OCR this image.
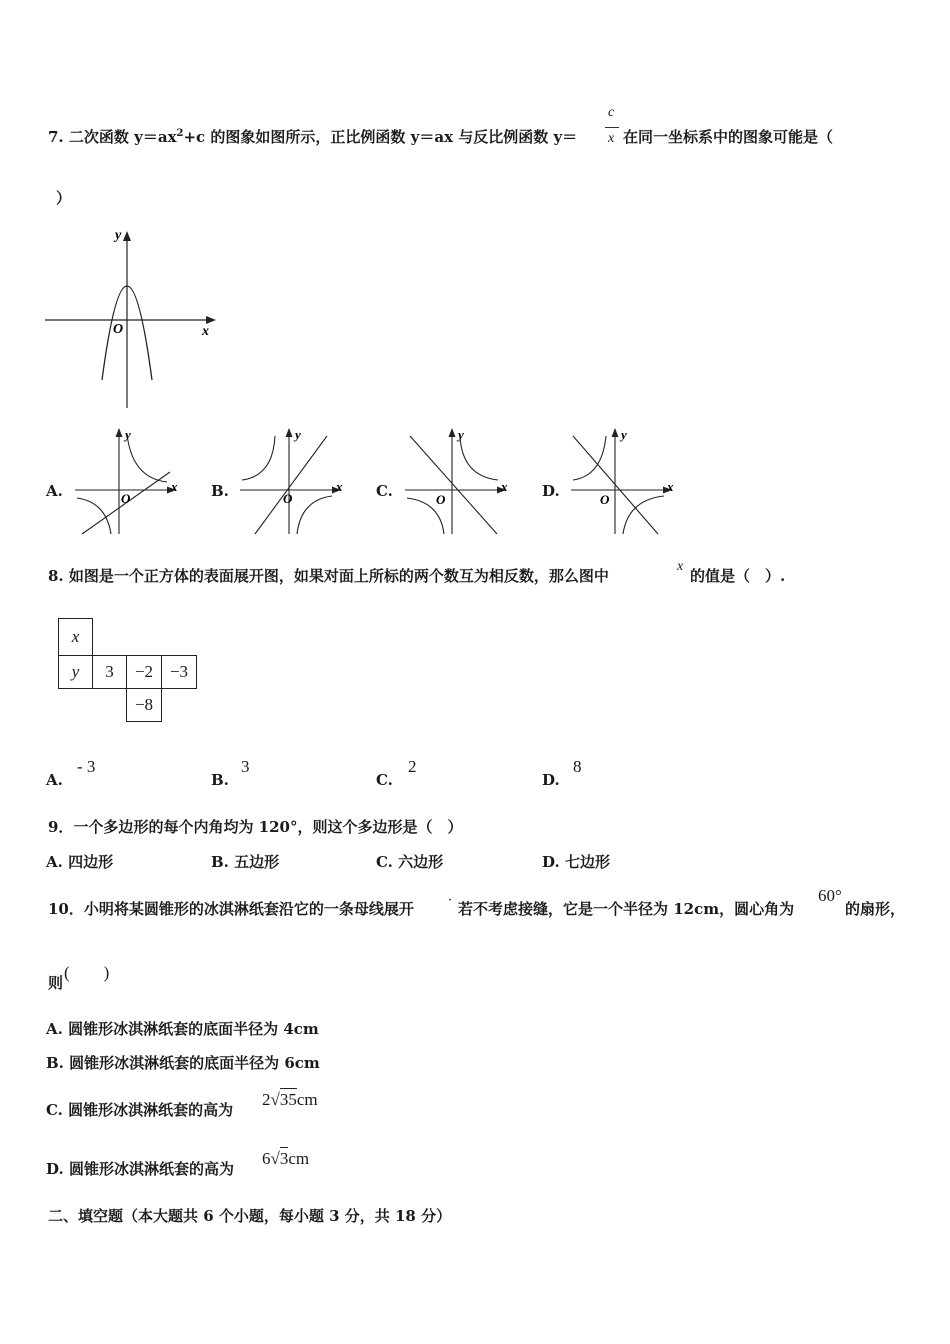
7. 二次函数 $y=ax^2+c$ 的图象如图所示，正比例函数 y＝ax 与反比例函数 y＝
c
x 在同一坐标系中的图象可能是（
）
y
x
O
A.
y
x
O	B.
y
x
O	C.
y
x
O	D.
y
x
O
8. 如图是一个正方体的表面展开图，如果对面上所标的两个数互为相反数，那么图中
x
的值是（　）.
x
y	3	−2 −3
−8
A.
- 3
B.
3
C.
2
D.
8
9．一个多边形的每个内角均为 120°，则这个多边形是（　）
A. 四边形	B. 五边形	C. 六边形	D. 七边形
10．小明将某圆锥形的冰淇淋纸套沿它的一条母线展开	· 若不考虑接缝，它是一个半径为 12cm，圆心角为
60°
的扇形，
则
(　　)
A. 圆锥形冰淇淋纸套的底面半径为 4cm
B. 圆锥形冰淇淋纸套的底面半径为 6cm
C. 圆锥形冰淇淋纸套的高为
2√35cm
D. 圆锥形冰淇淋纸套的高为
6√3cm
二、填空题（本大题共 6 个小题，每小题 3 分，共 18 分）
